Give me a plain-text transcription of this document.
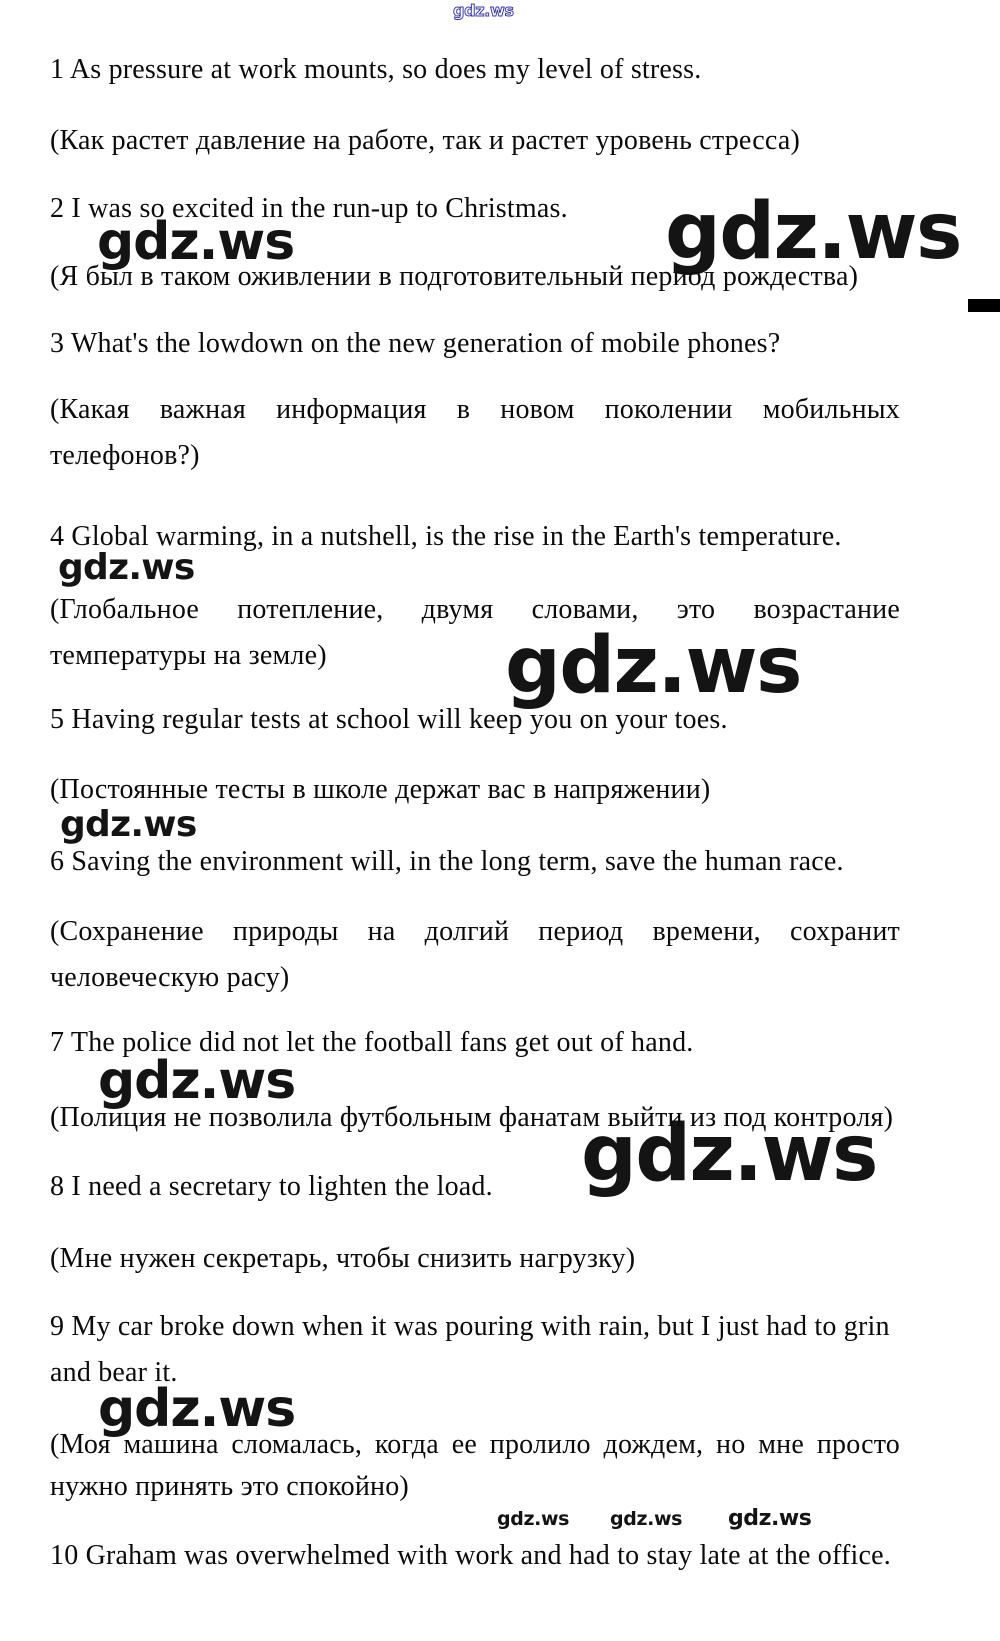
gdz.ws
gdz.ws	gdz.ws
gdz.ws
gdz.ws
gdz.ws
gdz.ws
gdz.ws
gdz.ws
gdz.ws gdz.ws gdz.ws
1 As pressure at work mounts, so does my level of stress.
(Как растет давление на работе, так и растет уровень стресса)
2 I was so excited in the run-up to Christmas.
(Я был в таком оживлении в подготовительный период рождества)
3 What's the lowdown on the new generation of mobile phones?
(Какая важная информация в новом поколении мобильных
телефонов?)
4 Global warming, in a nutshell, is the rise in the Earth's temperature.
(Глобальное потепление, двумя словами, это возрастание
температуры на земле)
5 Having regular tests at school will keep you on your toes.
(Постоянные тесты в школе держат вас в напряжении)
6 Saving the environment will, in the long term, save the human race.
(Сохранение природы на долгий период времени, сохранит
человеческую расу)
7 The police did not let the football fans get out of hand.
(Полиция не позволила футбольным фанатам выйти из под контроля)
8 I need a secretary to lighten the load.
(Мне нужен секретарь, чтобы снизить нагрузку)
9 My car broke down when it was pouring with rain, but I just had to grin
and bear it.
(Моя машина сломалась, когда ее пролило дождем, но мне просто
нужно принять это спокойно)
10 Graham was overwhelmed with work and had to stay late at the office.
